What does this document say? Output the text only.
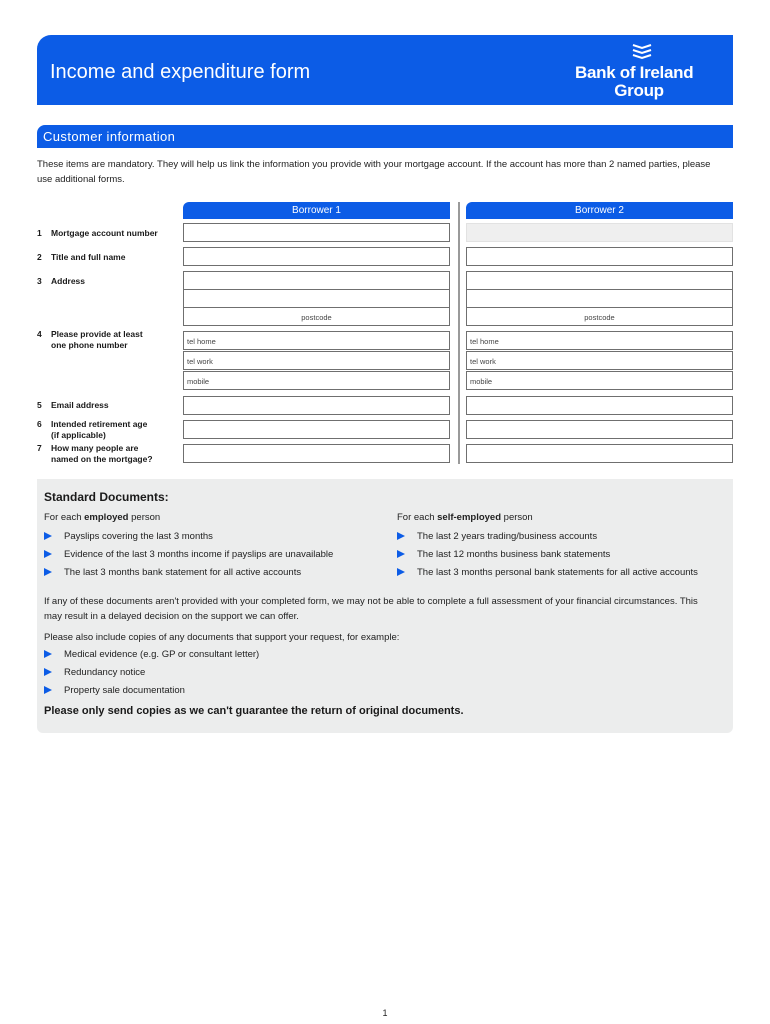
Income and expenditure form	Bank of Ireland
Group
Customer information
These items are mandatory. They will help us link the information you provide with your mortgage account. If the account has more than 2 named parties, please use additional forms.
Borrower 1	Borrower 2
1 Mortgage account number
2 Title and full name
3 Address
postcode	postcode
4 Please provide at least
one phone number	tel home	tel home
tel work	tel work
mobile	mobile
5 Email address
6 Intended retirement age
(if applicable)
7 How many people are
named on the mortgage?
Standard Documents:
For each employed person	For each self-employed person
Payslips covering the last 3 months
Evidence of the last 3 months income if payslips are unavailable
The last 3 months bank statement for all active accounts
The last 2 years trading/business accounts
The last 12 months business bank statements
The last 3 months personal bank statements for all active accounts
If any of these documents aren't provided with your completed form, we may not be able to complete a full assessment of your financial circumstances. This may result in a delayed decision on the support we can offer.
Please also include copies of any documents that support your request, for example:
Medical evidence (e.g. GP or consultant letter)
Redundancy notice
Property sale documentation
Please only send copies as we can't guarantee the return of original documents.
1
